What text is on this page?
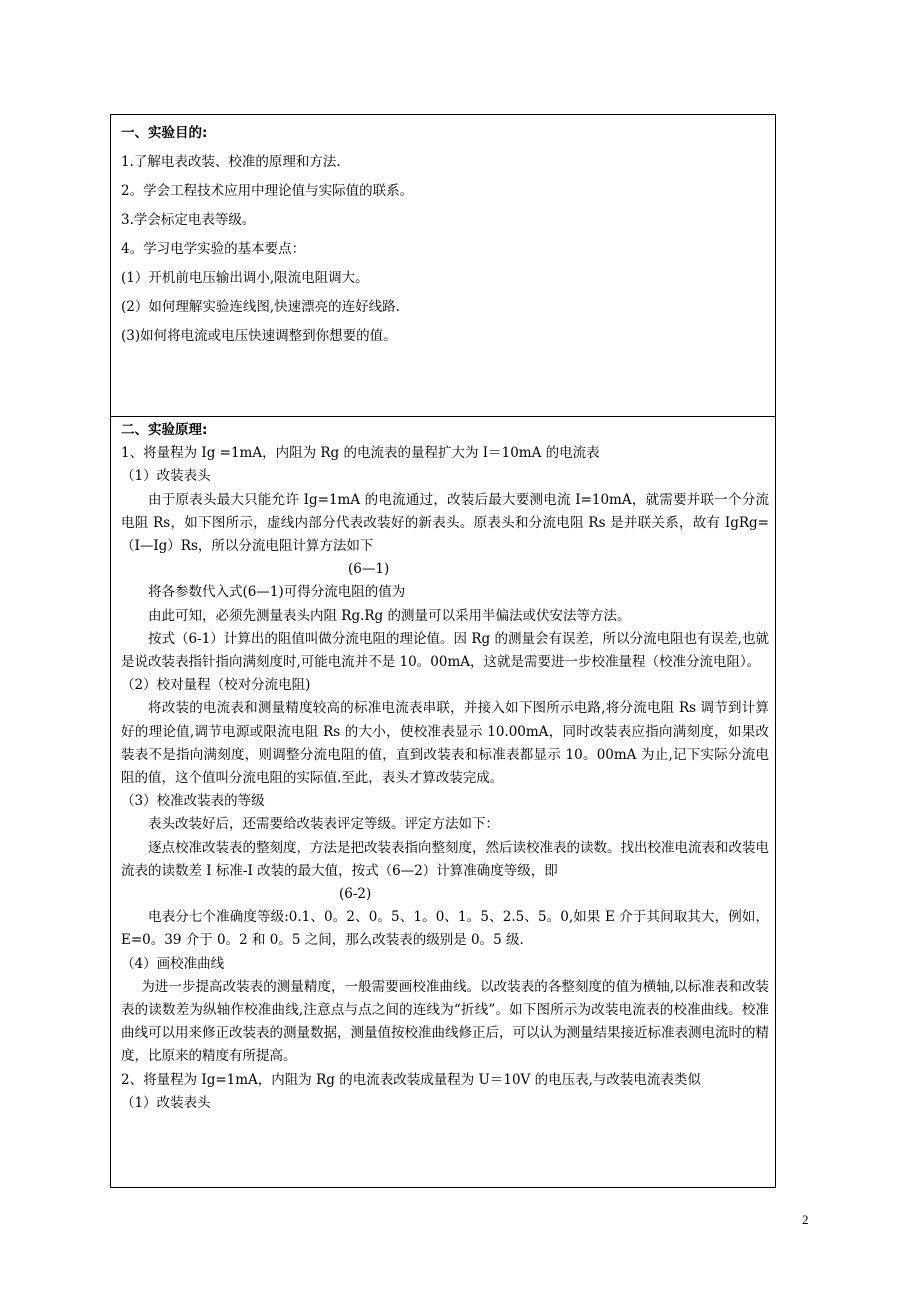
一、实验目的:

1.了解电表改装、校准的原理和方法.

2。学会工程技术应用中理论值与实际值的联系。

3.学会标定电表等级。

4。学习电学实验的基本要点：

(1）开机前电压输出调小,限流电阻调大。

(2）如何理解实验连线图,快速漂亮的连好线路.

(3)如何将电流或电压快速调整到你想要的值。

二、实验原理:

1、将量程为 Ig =1mA，内阻为 Rg 的电流表的量程扩大为 I＝10mA 的电流表

（1）改装表头

由于原表头最大只能允许 Ig=1mA 的电流通过，改装后最大要测电流 I=10mA，就需要并联一个分流电阻 Rs，如下图所示，虚线内部分代表改装好的新表头。原表头和分流电阻 Rs 是并联关系，故有 IgRg=（I—Ig）Rs，所以分流电阻计算方法如下

(6—1)

将各参数代入式(6—1)可得分流电阻的值为

由此可知，必须先测量表头内阻 Rg.Rg 的测量可以采用半偏法或伏安法等方法。

按式（6-1）计算出的阻值叫做分流电阻的理论值。因 Rg 的测量会有误差，所以分流电阻也有误差,也就是说改装表指针指向满刻度时,可能电流并不是 10。00mA，这就是需要进一步校准量程（校准分流电阻）。

（2）校对量程（校对分流电阻)

将改装的电流表和测量精度较高的标准电流表串联，并接入如下图所示电路,将分流电阻 Rs 调节到计算好的理论值,调节电源或限流电阻 Rs 的大小，使校准表显示 10.00mA，同时改装表应指向满刻度，如果改装表不是指向满刻度，则调整分流电阻的值，直到改装表和标准表都显示 10。00mA 为止,记下实际分流电阻的值，这个值叫分流电阻的实际值.至此，表头才算改装完成。

（3）校准改装表的等级

表头改装好后，还需要给改装表评定等级。评定方法如下：

逐点校准改装表的整刻度，方法是把改装表指向整刻度，然后读校准表的读数。找出校准电流表和改装电流表的读数差 I 标准-I 改装的最大值，按式（6—2）计算准确度等级，即

(6-2)

电表分七个准确度等级:0.1、0。2、0。5、1。0、1。5、2.5、5。0,如果 E 介于其间取其大，例如，E=0。39 介于 0。2 和 0。5 之间，那么改装表的级别是 0。5 级.

（4）画校准曲线

为进一步提高改装表的测量精度，一般需要画校准曲线。以改装表的各整刻度的值为横轴,以标准表和改装表的读数差为纵轴作校准曲线,注意点与点之间的连线为“折线”。如下图所示为改装电流表的校准曲线。校准曲线可以用来修正改装表的测量数据，测量值按校准曲线修正后，可以认为测量结果接近标准表测电流时的精度，比原来的精度有所提高。

2、将量程为 Ig=1mA，内阻为 Rg 的电流表改装成量程为 U＝10V 的电压表,与改装电流表类似

（1）改装表头

2
